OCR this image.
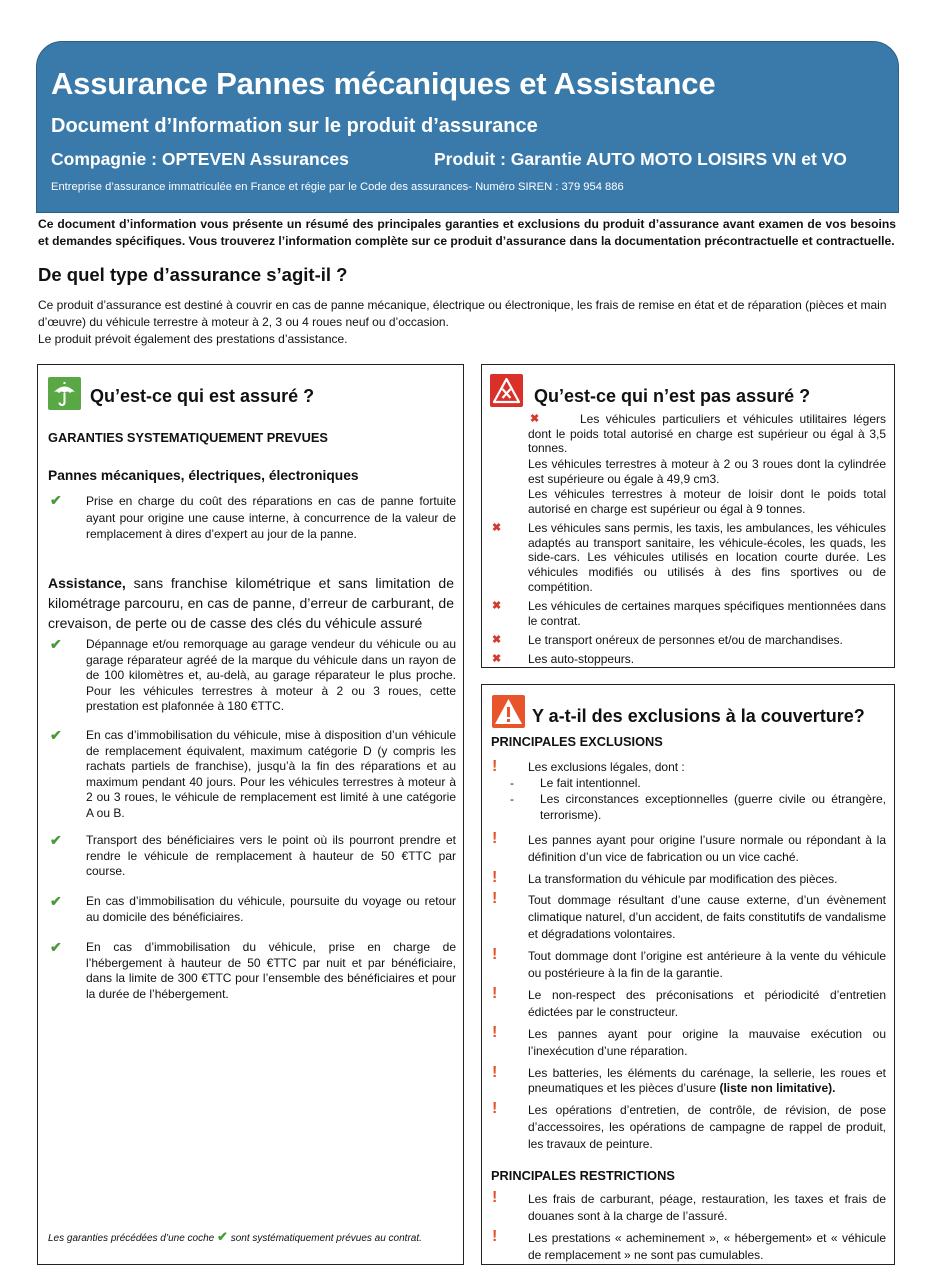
Assurance Pannes mécaniques et Assistance
Document d’Information sur le produit d’assurance
Compagnie : OPTEVEN Assurances	Produit : Garantie AUTO MOTO LOISIRS VN et VO
Entreprise d’assurance immatriculée en France et régie par le Code des assurances- Numéro SIREN : 379 954 886
Ce document d’information vous présente un résumé des principales garanties et exclusions du produit d’assurance avant examen de vos besoins et demandes spécifiques. Vous trouverez l’information complète sur ce produit d’assurance dans la documentation précontractuelle et contractuelle.
De quel type d’assurance s’agit-il ?

Ce produit d’assurance est destiné à couvrir en cas de panne mécanique, électrique ou électronique, les frais de remise en état et de réparation (pièces et main d’œuvre) du véhicule terrestre à moteur à 2, 3 ou 4 roues neuf ou d’occasion.

Le produit prévoit également des prestations d’assistance.

Qu’est-ce qui est assuré ?
GARANTIES SYSTEMATIQUEMENT PREVUES
Pannes mécaniques, électriques, électroniques
✔ Prise en charge du coût des réparations en cas de panne fortuite ayant pour origine une cause interne, à concurrence de la valeur de remplacement à dires d’expert au jour de la panne.
Assistance, sans franchise kilométrique et sans limitation de kilométrage parcouru, en cas de panne, d’erreur de carburant, de crevaison, de perte ou de casse des clés du véhicule assuré
✔ Dépannage et/ou remorquage au garage vendeur du véhicule ou au garage réparateur agréé de la marque du véhicule dans un rayon de de 100 kilomètres et, au-delà, au garage réparateur le plus proche. Pour les véhicules terrestres à moteur à 2 ou 3 roues, cette prestation est plafonnée à 180 €TTC.
✔ En cas d’immobilisation du véhicule, mise à disposition d’un véhicule de remplacement équivalent, maximum catégorie D (y compris les rachats partiels de franchise), jusqu’à la fin des réparations et au maximum pendant 40 jours. Pour les véhicules terrestres à moteur à 2 ou 3 roues, le véhicule de remplacement est limité à une catégorie A ou B.
✔ Transport des bénéficiaires vers le point où ils pourront prendre et rendre le véhicule de remplacement à hauteur de 50 €TTC par course.
✔ En cas d’immobilisation du véhicule, poursuite du voyage ou retour au domicile des bénéficiaires.
✔ En cas d’immobilisation du véhicule, prise en charge de l’hébergement à hauteur de 50 €TTC par nuit et par bénéficiaire, dans la limite de 300 €TTC pour l’ensemble des bénéficiaires et pour la durée de l’hébergement.
Les garanties précédées d’une coche ✔ sont systématiquement prévues au contrat.
Qu’est-ce qui n’est pas assuré ?
✖	Les véhicules particuliers et véhicules utilitaires légers dont le poids total autorisé en charge est supérieur ou égal à 3,5 tonnes.
Les véhicules terrestres à moteur à 2 ou 3 roues dont la cylindrée est supérieure ou égale à 49,9 cm3.
Les véhicules terrestres à moteur de loisir dont le poids total autorisé en charge est supérieur ou égal à 9 tonnes.
✖ Les véhicules sans permis, les taxis, les ambulances, les véhicules adaptés au transport sanitaire, les véhicule-écoles, les quads, les side-cars. Les véhicules utilisés en location courte durée. Les véhicules modifiés ou utilisés à des fins sportives ou de compétition.
✖ Les véhicules de certaines marques spécifiques mentionnées dans le contrat.
✖ Le transport onéreux de personnes et/ou de marchandises.
✖ Les auto-stoppeurs.
Y a-t-il des exclusions à la couverture?
PRINCIPALES EXCLUSIONS
!	Les exclusions légales, dont :
- Le fait intentionnel.
- Les circonstances exceptionnelles (guerre civile ou étrangère, terrorisme).
!	Les pannes ayant pour origine l’usure normale ou répondant à la définition d’un vice de fabrication ou un vice caché.
!	La transformation du véhicule par modification des pièces.
!	Tout dommage résultant d’une cause externe, d’un évènement climatique naturel, d’un accident, de faits constitutifs de vandalisme et dégradations volontaires.
!	Tout dommage dont l’origine est antérieure à la vente du véhicule ou postérieure à la fin de la garantie.
!	Le non-respect des préconisations et périodicité d’entretien édictées par le constructeur.
!	Les pannes ayant pour origine la mauvaise exécution ou l’inexécution d’une réparation.
!	Les batteries, les éléments du carénage, la sellerie, les roues et pneumatiques et les pièces d’usure (liste non limitative).
!	Les opérations d’entretien, de contrôle, de révision, de pose d’accessoires, les opérations de campagne de rappel de produit, les travaux de peinture.
PRINCIPALES RESTRICTIONS
!	Les frais de carburant, péage, restauration, les taxes et frais de douanes sont à la charge de l’assuré.
!	Les prestations « acheminement », « hébergement» et « véhicule de remplacement » ne sont pas cumulables.
